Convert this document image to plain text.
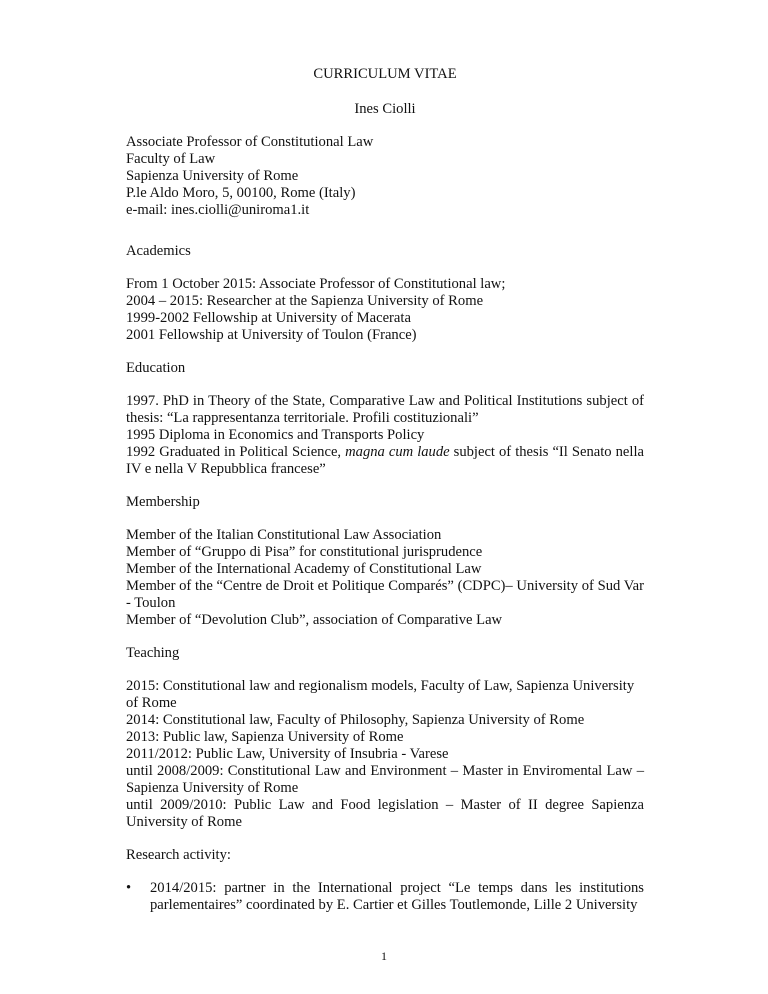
CURRICULUM VITAE
Ines Ciolli
Associate Professor of Constitutional Law
Faculty of Law
Sapienza University of Rome
P.le Aldo Moro, 5, 00100, Rome (Italy)
e-mail: ines.ciolli@uniroma1.it
Academics
From 1 October 2015: Associate Professor of Constitutional law;
2004 – 2015: Researcher at the Sapienza University of Rome
1999-2002 Fellowship at University of Macerata
2001 Fellowship at University of Toulon (France)
Education
1997. PhD in Theory of the State, Comparative Law and Political Institutions subject of thesis: “La rappresentanza territoriale. Profili costituzionali”
1995 Diploma in Economics and Transports Policy
1992 Graduated in Political Science, magna cum laude subject of thesis “Il Senato nella IV e nella V Repubblica francese”
Membership
Member of the Italian Constitutional Law Association
Member of “Gruppo di Pisa” for constitutional jurisprudence
Member of the International Academy of Constitutional Law
Member of the “Centre de Droit et Politique Comparés” (CDPC)– University of Sud Var - Toulon
Member of “Devolution Club”, association of Comparative Law
Teaching
2015: Constitutional law and regionalism models, Faculty of Law, Sapienza University of Rome
2014: Constitutional law, Faculty of Philosophy, Sapienza University of Rome
2013: Public law, Sapienza University of Rome
2011/2012: Public Law, University of Insubria - Varese
until 2008/2009: Constitutional Law and Environment – Master in Enviromental Law – Sapienza University of Rome
until 2009/2010: Public Law and Food legislation – Master of II degree Sapienza University of Rome
Research activity:
• 2014/2015: partner in the International project “Le temps dans les institutions parlementaires” coordinated by E. Cartier et Gilles Toutlemonde, Lille 2 University
1
